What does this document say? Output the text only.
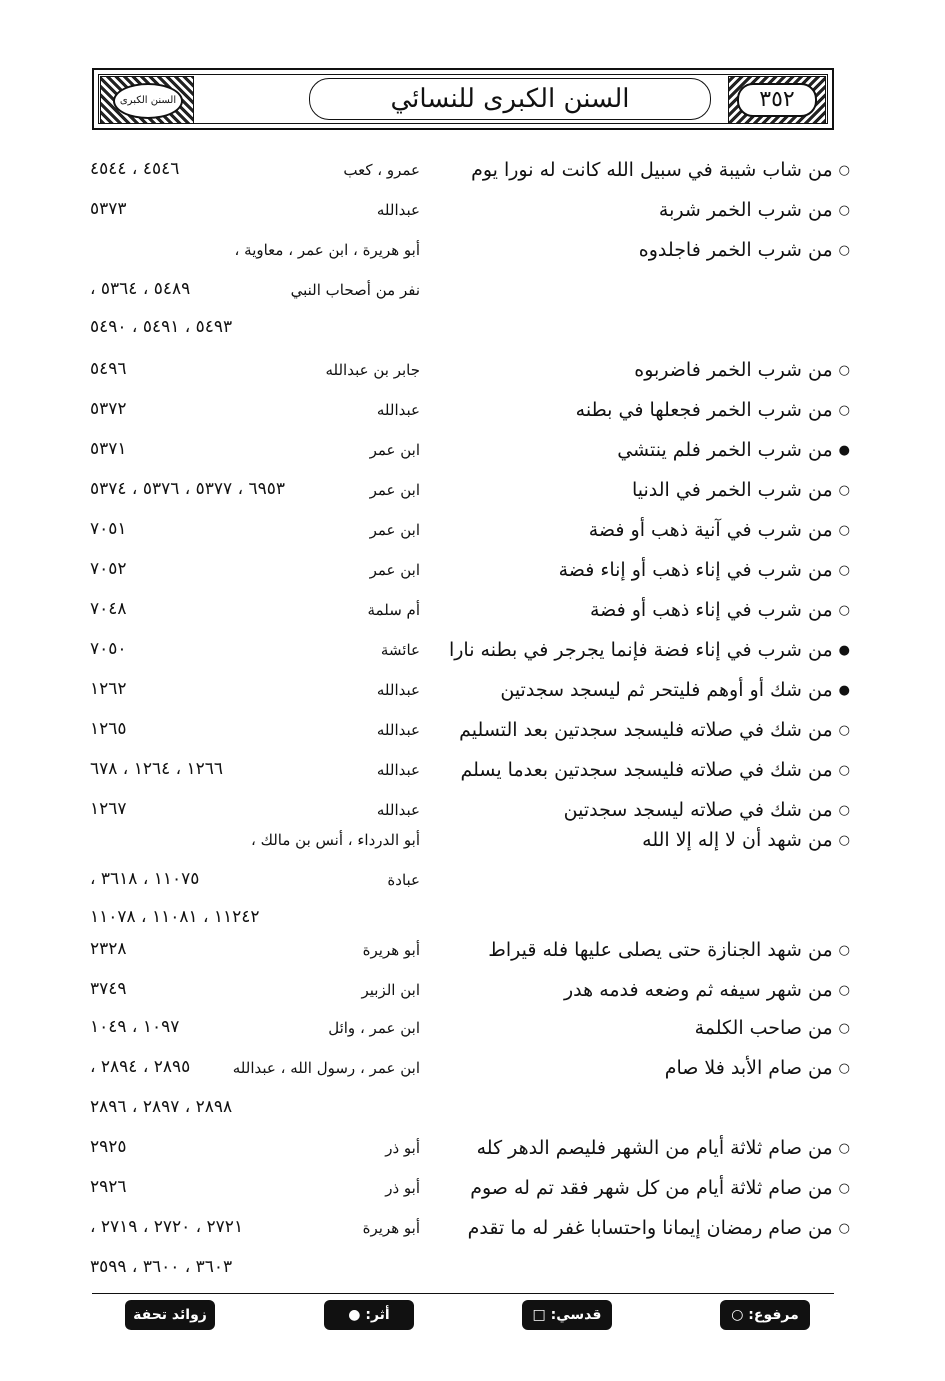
السنن الكبرى	السنن الكبرى للنسائي	٣٥٢
○من شاب شيبة في سبيل الله كانت له نورا يوم
عمرو ، كعب
٤٥٤٦ ، ٤٥٤٤
○من شرب الخمر شربة
عبدالله
٥٣٧٣
○من شرب الخمر فاجلدوه
أبو هريرة ، ابن عمر ، معاوية ،
نفر من أصحاب النبي
٥٤٨٩ ، ٥٣٦٤ ،
٥٤٩٣ ، ٥٤٩١ ، ٥٤٩٠
○من شرب الخمر فاضربوه
جابر بن عبدالله
٥٤٩٦
○من شرب الخمر فجعلها في بطنه
عبدالله
٥٣٧٢
●من شرب الخمر فلم ينتشي
ابن عمر
٥٣٧١
○من شرب الخمر في الدنيا
ابن عمر
٦٩٥٣ ، ٥٣٧٧ ، ٥٣٧٦ ، ٥٣٧٤
○من شرب في آنية ذهب أو فضة
ابن عمر
٧٠٥١
○من شرب في إناء ذهب أو إناء فضة
ابن عمر
٧٠٥٢
○من شرب في إناء ذهب أو فضة
أم سلمة
٧٠٤٨
●من شرب في إناء فضة فإنما يجرجر في بطنه نارا
عائشة
٧٠٥٠
●من شك أو أوهم فليتحر ثم ليسجد سجدتين
عبدالله
١٢٦٢
○من شك في صلاته فليسجد سجدتين بعد التسليم
عبدالله
١٢٦٥
○من شك في صلاته فليسجد سجدتين بعدما يسلم
عبدالله
١٢٦٦ ، ١٢٦٤ ، ٦٧٨
○من شك في صلاته ليسجد سجدتين
عبدالله
١٢٦٧
○من شهد أن لا إله إلا الله
أبو الدرداء ، أنس بن مالك ،
عبادة
١١٠٧٥ ، ٣٦١٨ ،
١١٢٤٢ ، ١١٠٨١ ، ١١٠٧٨
○من شهد الجنازة حتى يصلى عليها فله قيراط
أبو هريرة
٢٣٢٨
○من شهر سيفه ثم وضعه فدمه هدر
ابن الزبير
٣٧٤٩
○من صاحب الكلمة
ابن عمر ، وائل
١٠٩٧ ، ١٠٤٩
○من صام الأبد فلا صام
ابن عمر ، رسول الله ، عبدالله
٢٨٩٥ ، ٢٨٩٤ ،
٢٨٩٨ ، ٢٨٩٧ ، ٢٨٩٦
○من صام ثلاثة أيام من الشهر فليصم الدهر كله
أبو ذر
٢٩٢٥
○من صام ثلاثة أيام من كل شهر فقد تم له صوم
أبو ذر
٢٩٢٦
○من صام رمضان إيمانا واحتسابا غفر له ما تقدم
أبو هريرة
٢٧٢١ ، ٢٧٢٠ ، ٢٧١٩ ،
٣٦٠٣ ، ٣٦٠٠ ، ٣٥٩٩
مرفوع: ○
قدسي: □
أثر: ●
زوائد تحفة ❋
